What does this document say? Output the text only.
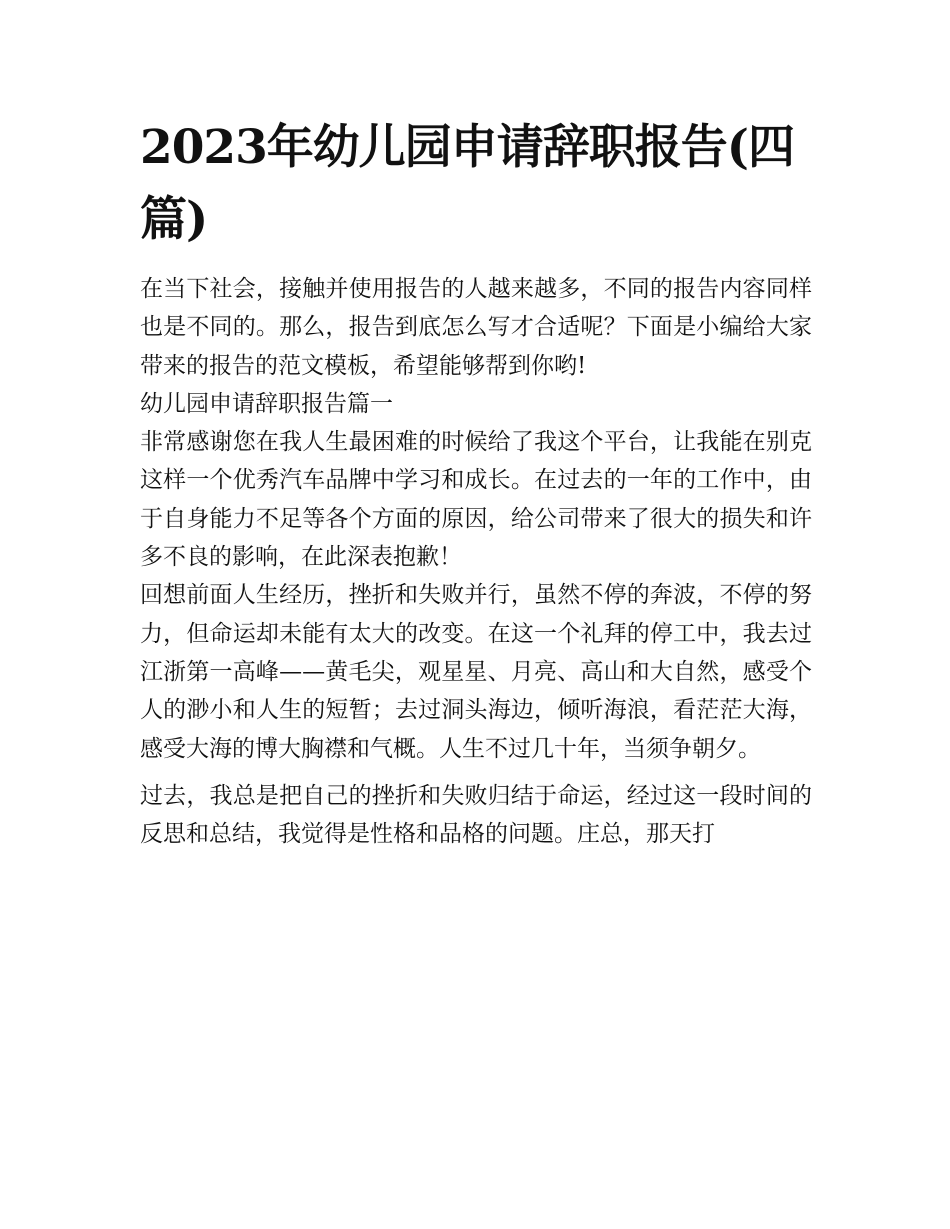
2023年幼儿园申请辞职报告(四篇)

在当下社会，接触并使用报告的人越来越多，不同的报告内容同样也是不同的。那么，报告到底怎么写才合适呢？下面是小编给大家带来的报告的范文模板，希望能够帮到你哟!

幼儿园申请辞职报告篇一

非常感谢您在我人生最困难的时候给了我这个平台，让我能在别克这样一个优秀汽车品牌中学习和成长。在过去的一年的工作中，由于自身能力不足等各个方面的原因，给公司带来了很大的损失和许多不良的影响，在此深表抱歉！

回想前面人生经历，挫折和失败并行，虽然不停的奔波，不停的努力，但命运却未能有太大的改变。在这一个礼拜的停工中，我去过江浙第一高峰——黄毛尖，观星星、月亮、高山和大自然，感受个人的渺小和人生的短暂；去过洞头海边，倾听海浪，看茫茫大海，感受大海的博大胸襟和气概。人生不过几十年，当须争朝夕。

过去，我总是把自己的挫折和失败归结于命运，经过这一段时间的反思和总结，我觉得是性格和品格的问题。庄总，那天打
